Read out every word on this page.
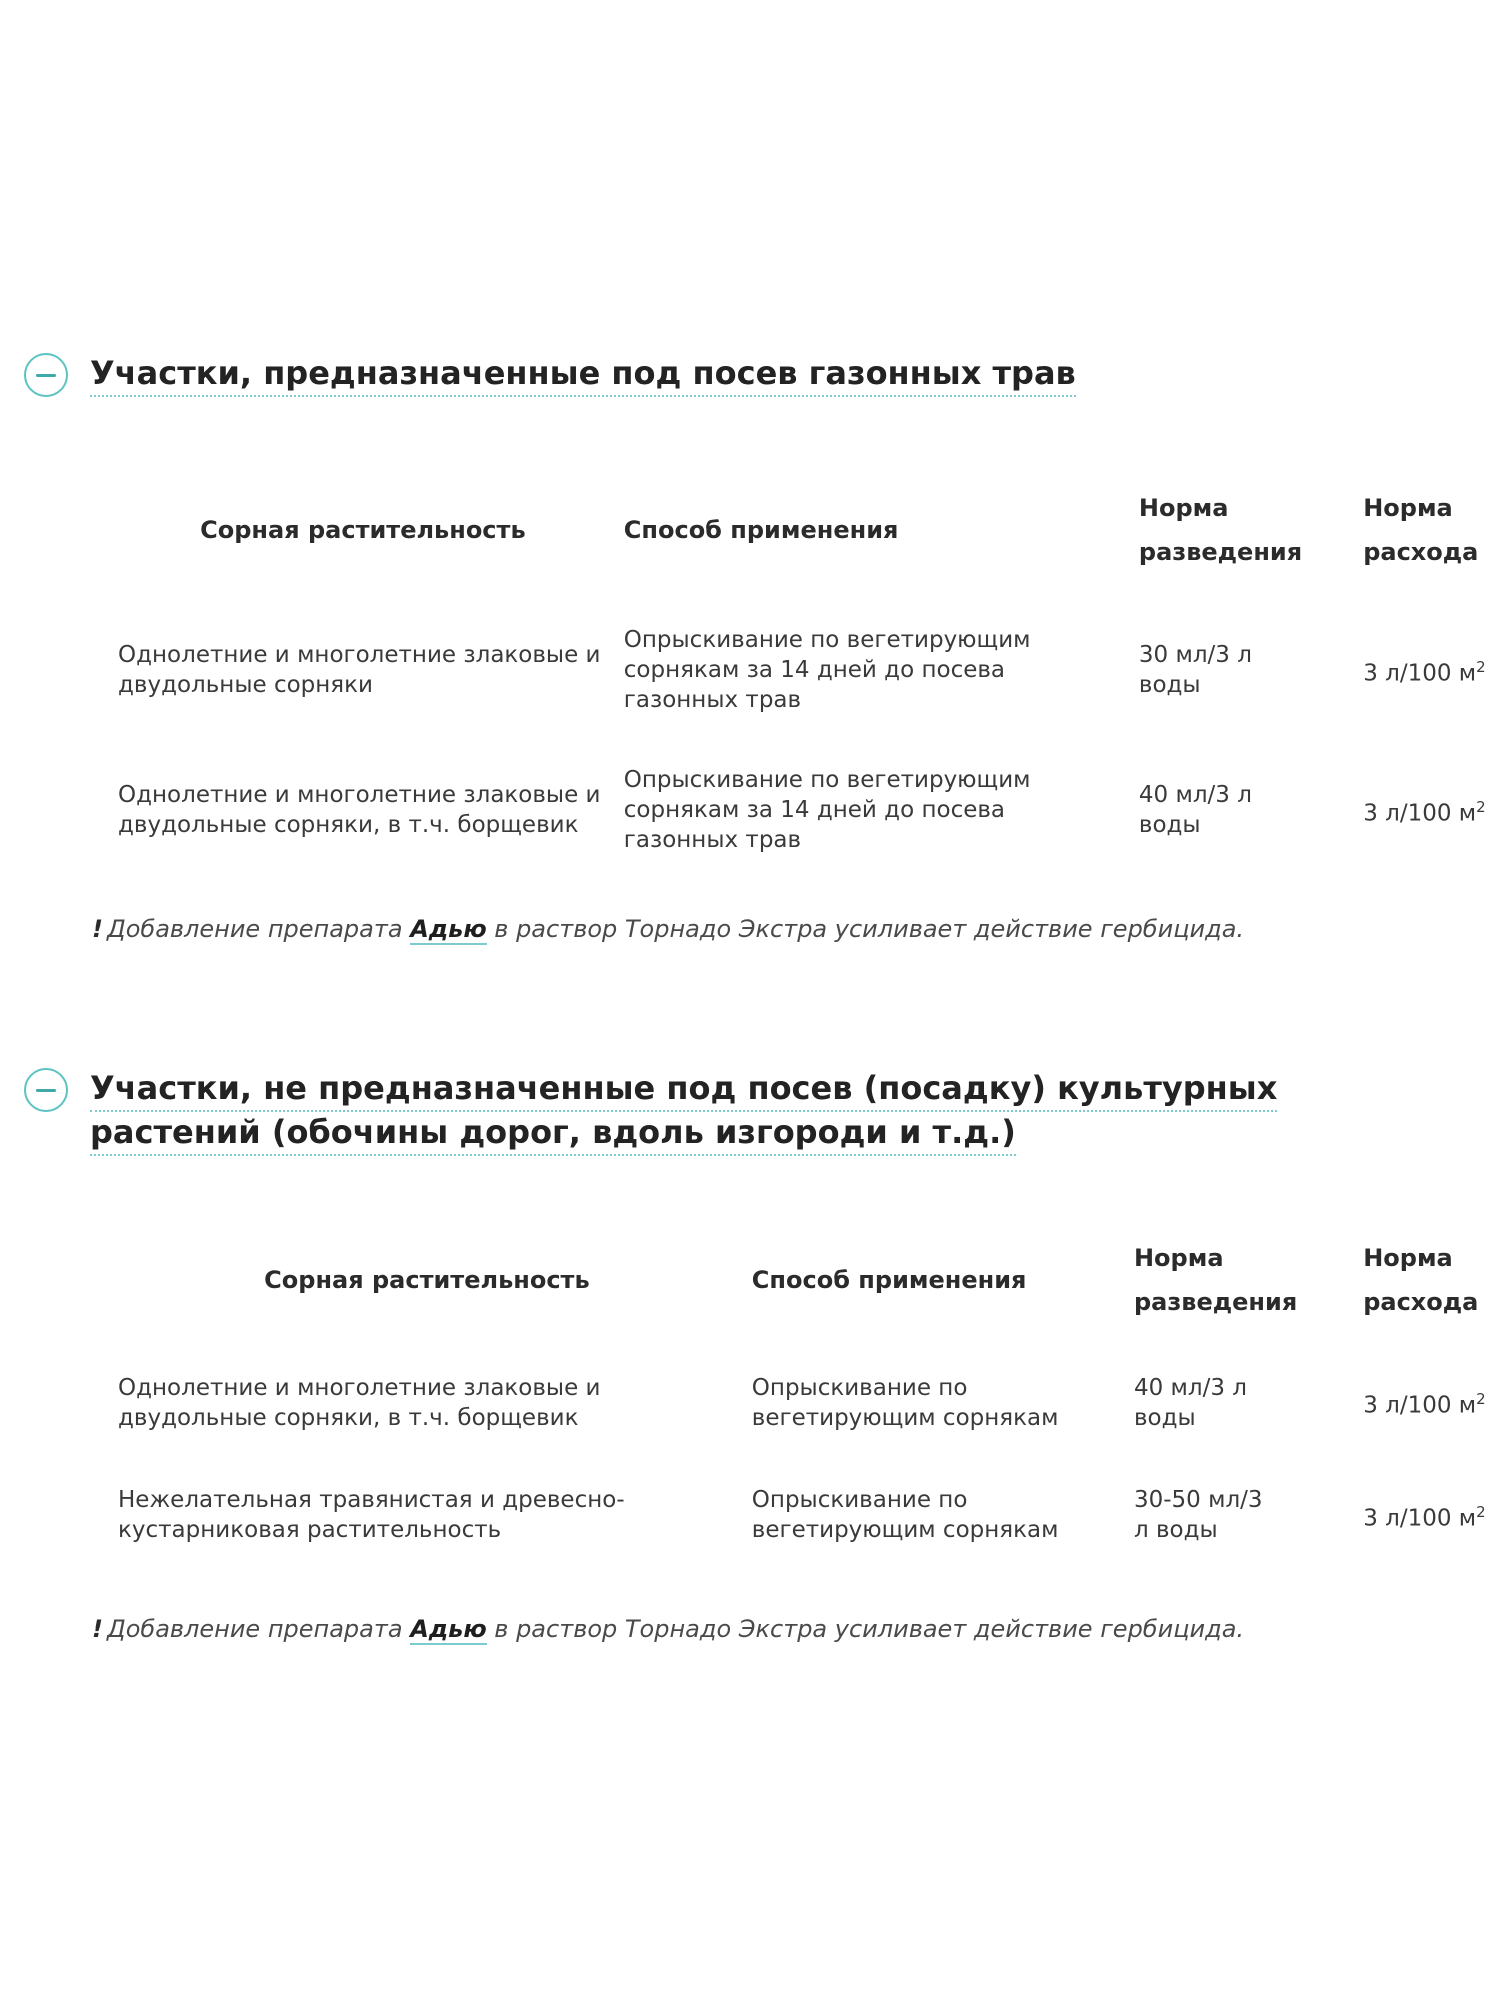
Участки, предназначенные под посев газонных трав
Сорная растительность	Способ применения	Норма разведения	Норма расхода
Однолетние и многолетние злаковые и двудольные сорняки	Опрыскивание по вегетирующим сорнякам за 14 дней до посева газонных трав	30 мл/3 л воды	3 л/100 $м^2$
Однолетние и многолетние злаковые и двудольные сорняки, в т.ч. борщевик	Опрыскивание по вегетирующим сорнякам за 14 дней до посева газонных трав	40 мл/3 л воды	3 л/100 $м^2$
! Добавление препарата Адью в раствор Торнадо Экстра усиливает действие гербицида.
Участки, не предназначенные под посев (посадку) культурных растений (обочины дорог, вдоль изгороди и т.д.)
Сорная растительность	Способ применения	Норма разведения	Норма расхода
Однолетние и многолетние злаковые и двудольные сорняки, в т.ч. борщевик	Опрыскивание по вегетирующим сорнякам	40 мл/3 л воды	3 л/100 $м^2$
Нежелательная травянистая и древесно-кустарниковая растительность	Опрыскивание по вегетирующим сорнякам	30-50 мл/3 л воды	3 л/100 $м^2$
! Добавление препарата Адью в раствор Торнадо Экстра усиливает действие гербицида.
